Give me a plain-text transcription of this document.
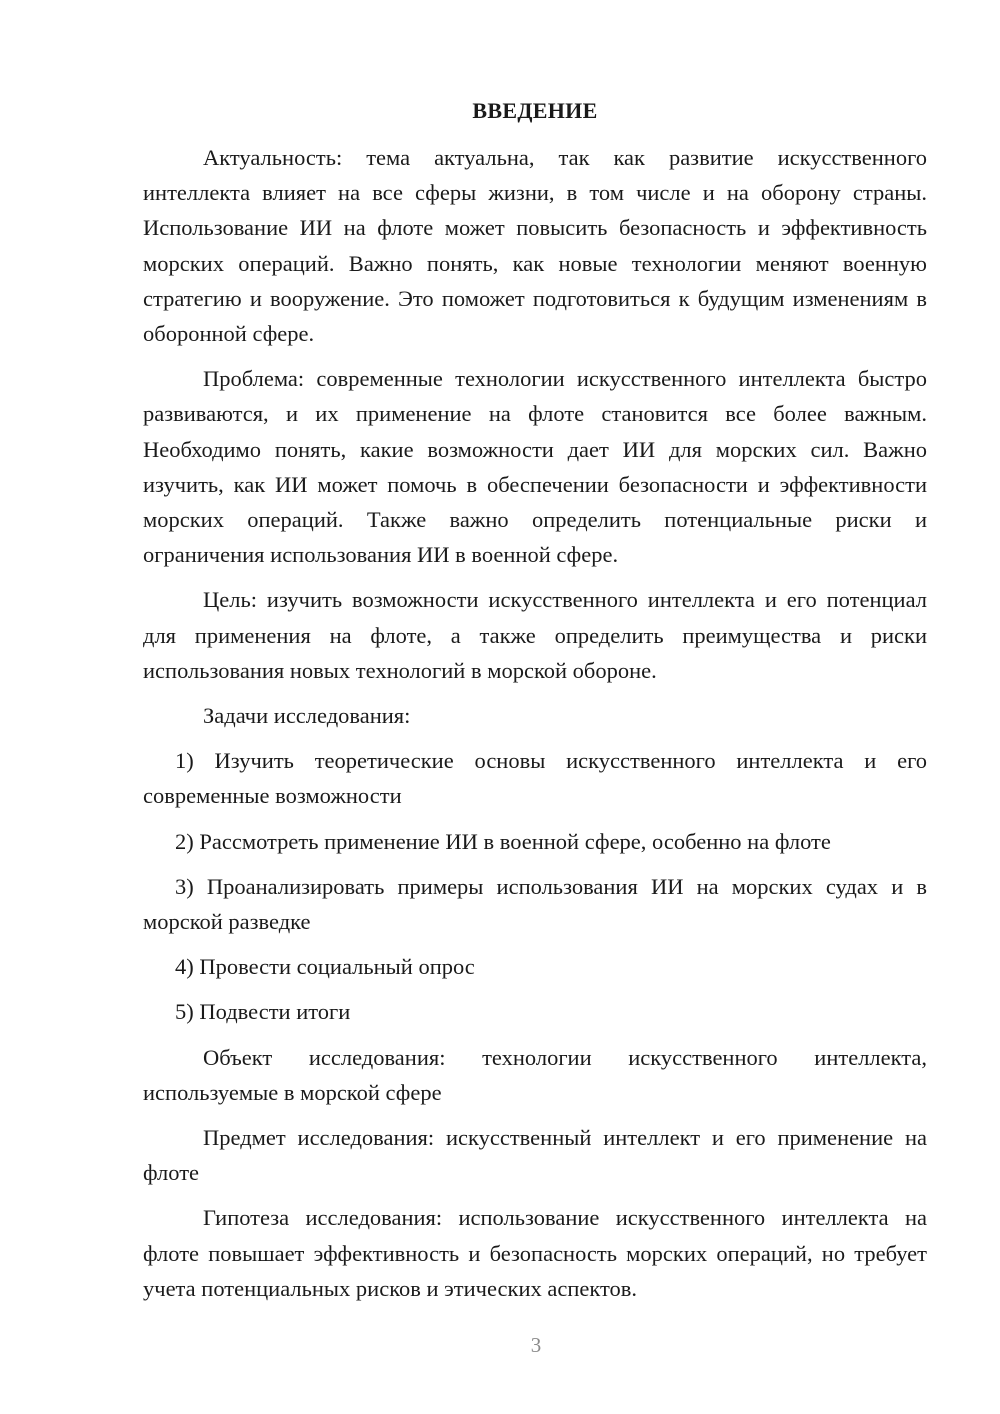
ВВЕДЕНИЕ

Актуальность: тема актуальна, так как развитие искусственного интеллекта влияет на все сферы жизни, в том числе и на оборону страны. Использование ИИ на флоте может повысить безопасность и эффективность морских операций. Важно понять, как новые технологии меняют военную стратегию и вооружение. Это поможет подготовиться к будущим изменениям в оборонной сфере.

Проблема: современные технологии искусственного интеллекта быстро развиваются, и их применение на флоте становится все более важным. Необходимо понять, какие возможности дает ИИ для морских сил. Важно изучить, как ИИ может помочь в обеспечении безопасности и эффективности морских операций. Также важно определить потенциальные риски и ограничения использования ИИ в военной сфере.

Цель: изучить возможности искусственного интеллекта и его потенциал для применения на флоте, а также определить преимущества и риски использования новых технологий в морской обороне.

Задачи исследования:

1) Изучить теоретические основы искусственного интеллекта и его современные возможности

2) Рассмотреть применение ИИ в военной сфере, особенно на флоте

3) Проанализировать примеры использования ИИ на морских судах и в морской разведке

4) Провести социальный опрос

5) Подвести итоги

Объект исследования: технологии искусственного интеллекта, используемые в морской сфере

Предмет исследования: искусственный интеллект и его применение на флоте

Гипотеза исследования: использование искусственного интеллекта на флоте повышает эффективность и безопасность морских операций, но требует учета потенциальных рисков и этических аспектов.

3
